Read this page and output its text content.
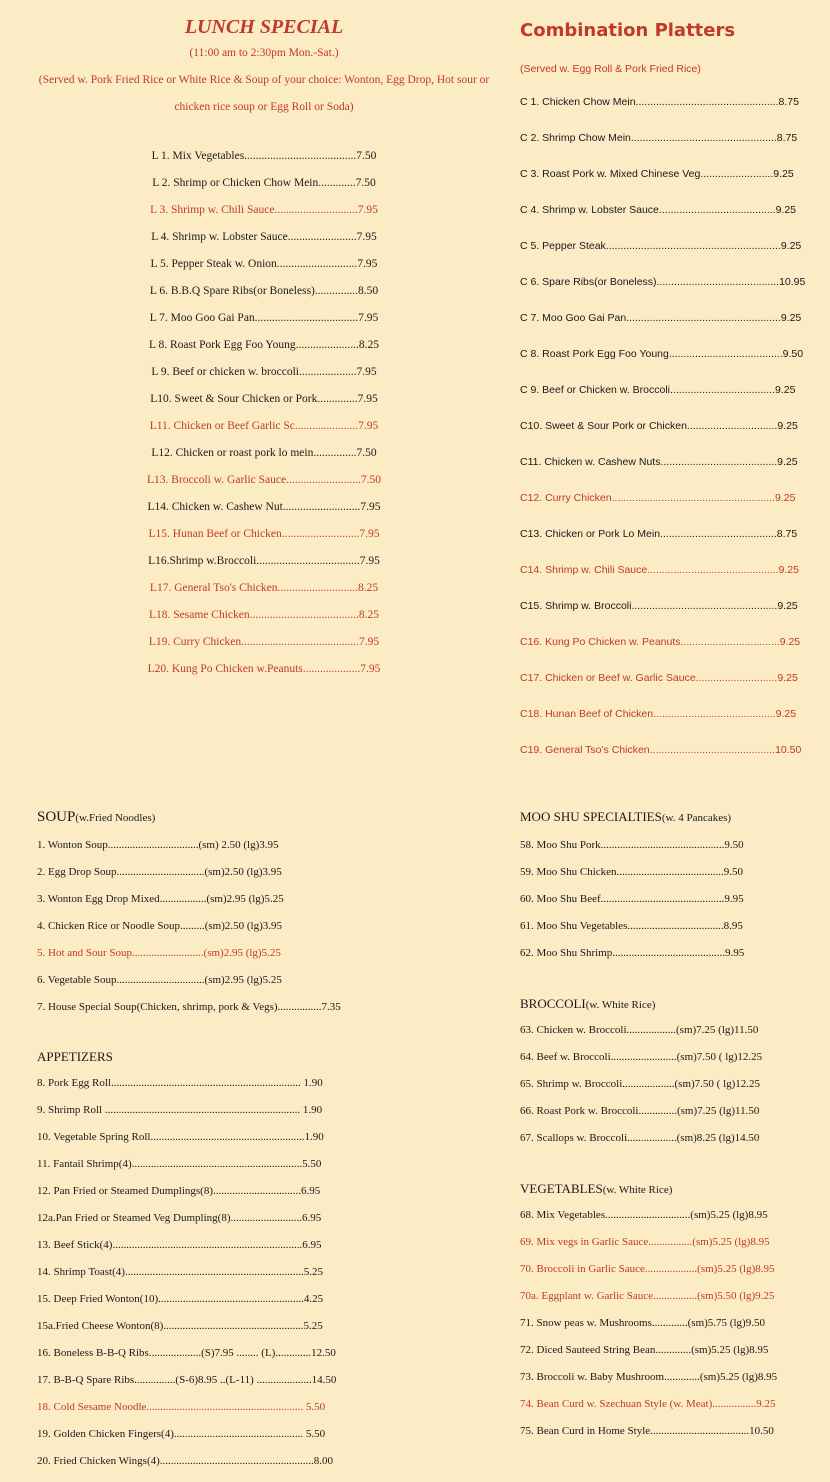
LUNCH SPECIAL
(11:00 am to 2:30pm Mon.-Sat.)
(Served w. Pork Fried Rice or White Rice & Soup of your choice: Wonton, Egg Drop, Hot sour or
chicken rice soup or Egg Roll or Soda)
L 1. Mix Vegetables.......................................7.50
L 2. Shrimp or Chicken Chow Mein.............7.50
L 3. Shrimp w. Chili Sauce.............................7.95
L 4. Shrimp w. Lobster Sauce........................7.95
L 5. Pepper Steak w. Onion............................7.95
L 6. B.B.Q Spare Ribs(or Boneless)...............8.50
L 7. Moo Goo Gai Pan....................................7.95
L 8. Roast Pork Egg Foo Young......................8.25
L 9. Beef or chicken w. broccoli....................7.95
L10. Sweet & Sour Chicken or Pork..............7.95
L11. Chicken or Beef Garlic Sc......................7.95
L12. Chicken or roast pork lo mein...............7.50
L13. Broccoli w. Garlic Sauce..........................7.50
L14. Chicken w. Cashew Nut...........................7.95
L15. Hunan Beef or Chicken...........................7.95
L16.Shrimp w.Broccoli....................................7.95
L17. General Tso's Chicken............................8.25
L18. Sesame Chicken......................................8.25
L19. Curry Chicken.........................................7.95
L20. Kung Po Chicken w.Peanuts....................7.95
Combination Platters
(Served w. Egg Roll & Pork Fried Rice)
C 1. Chicken Chow Mein.................................................8.75
C 2. Shrimp Chow Mein..................................................8.75
C 3. Roast Pork w. Mixed Chinese Veg.........................9.25
C 4. Shrimp w. Lobster Sauce........................................9.25
C 5. Pepper Steak............................................................9.25
C 6. Spare Ribs(or Boneless)..........................................10.95
C 7. Moo Goo Gai Pan.....................................................9.25
C 8. Roast Pork Egg Foo Young.......................................9.50
C 9. Beef or Chicken w. Broccoli....................................9.25
C10. Sweet & Sour Pork or Chicken...............................9.25
C11. Chicken w. Cashew Nuts........................................9.25
C12. Curry Chicken........................................................9.25
C13. Chicken or Pork Lo Mein........................................8.75
C14. Shrimp w. Chili Sauce.............................................9.25
C15. Shrimp w. Broccoli..................................................9.25
C16. Kung Po Chicken w. Peanuts..................................9.25
C17. Chicken or Beef w. Garlic Sauce............................9.25
C18. Hunan Beef of Chicken..........................................9.25
C19. General Tso's Chicken...........................................10.50
SOUP(w.Fried Noodles)
1. Wonton Soup.................................(sm) 2.50 (lg)3.95
2. Egg Drop Soup................................(sm)2.50 (lg)3.95
3. Wonton Egg Drop Mixed.................(sm)2.95 (lg)5.25
4. Chicken Rice or Noodle Soup.........(sm)2.50 (lg)3.95
5. Hot and Sour Soup..........................(sm)2.95 (lg)5.25
6. Vegetable Soup................................(sm)2.95 (lg)5.25
7. House Special Soup(Chicken, shrimp, pork & Vegs)................7.35
APPETIZERS
8. Pork Egg Roll..................................................................... 1.90
9. Shrimp Roll ....................................................................... 1.90
10. Vegetable Spring Roll........................................................1.90
11. Fantail Shrimp(4)..............................................................5.50
12. Pan Fried or Steamed Dumplings(8)................................6.95
12a.Pan Fried or Steamed Veg Dumpling(8)..........................6.95
13. Beef Stick(4).....................................................................6.95
14. Shrimp Toast(4).................................................................5.25
15. Deep Fried Wonton(10).....................................................4.25
15a.Fried Cheese Wonton(8)...................................................5.25
16. Boneless B-B-Q Ribs...................(S)7.95 ........ (L).............12.50
17. B-B-Q Spare Ribs...............(S-6)8.95 ..(L-11) ....................14.50
18. Cold Sesame Noodle......................................................... 5.50
19. Golden Chicken Fingers(4)............................................... 5.50
20. Fried Chicken Wings(4)........................................................8.00
MOO SHU SPECIALTIES(w. 4 Pancakes)
58. Moo Shu Pork.............................................9.50
59. Moo Shu Chicken.......................................9.50
60. Moo Shu Beef.............................................9.95
61. Moo Shu Vegetables...................................8.95
62. Moo Shu Shrimp.........................................9.95
BROCCOLI(w. White Rice)
63. Chicken w. Broccoli..................(sm)7.25 (lg)11.50
64. Beef w. Broccoli........................(sm)7.50 ( lg)12.25
65. Shrimp w. Broccoli...................(sm)7.50 ( lg)12.25
66. Roast Pork w. Broccoli..............(sm)7.25 (lg)11.50
67. Scallops w. Broccoli..................(sm)8.25 (lg)14.50
VEGETABLES(w. White Rice)
68. Mix Vegetables...............................(sm)5.25 (lg)8.95
69. Mix vegs in Garlic Sauce................(sm)5.25 (lg)8.95
70. Broccoli in Garlic Sauce...................(sm)5.25 (lg)8.95
70a. Eggplant w. Garlic Sauce................(sm)5.50 (lg)9.25
71. Snow peas w. Mushrooms.............(sm)5.75 (lg)9.50
72. Diced Sauteed String Bean.............(sm)5.25 (lg)8.95
73. Broccoli w. Baby Mushroom.............(sm)5.25 (lg)8.95
74. Bean Curd w. Szechuan Style (w. Meat)................9.25
75. Bean Curd in Home Style....................................10.50
